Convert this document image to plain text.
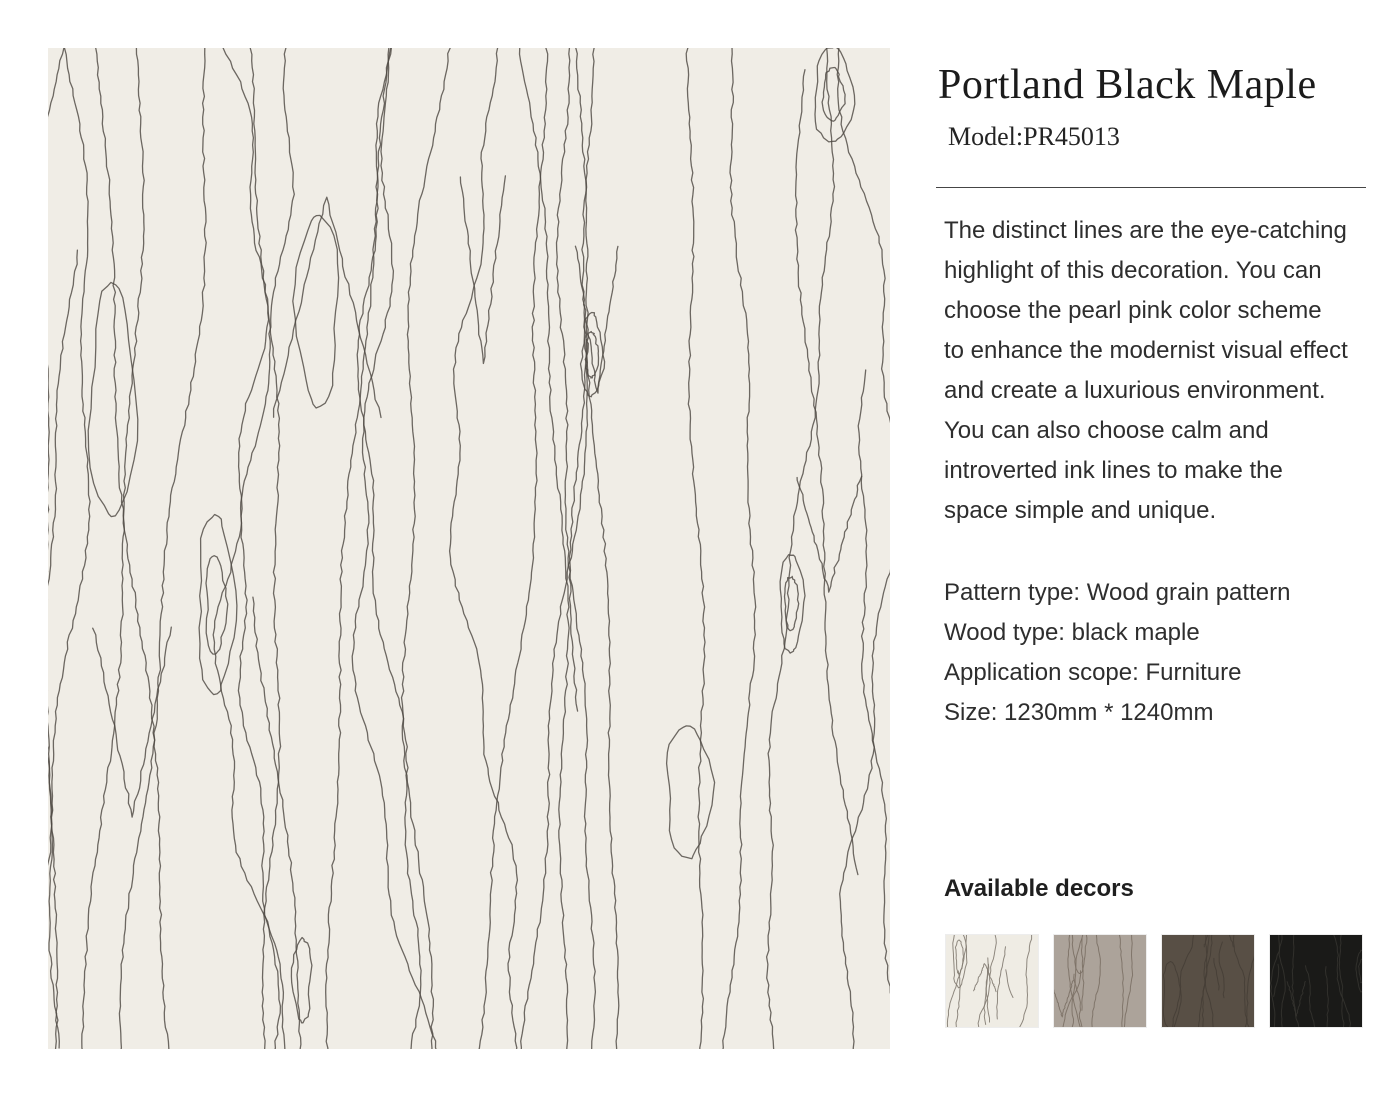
Portland Black Maple
Model:PR45013
The distinct lines are the eye-catching
highlight of this decoration. You can
choose the pearl pink color scheme
to enhance the modernist visual effect
and create a luxurious environment.
You can also choose calm and
introverted ink lines to make the
space simple and unique.
Pattern type: Wood grain pattern
Wood type: black maple
Application scope: Furniture
Size: 1230mm * 1240mm
Available decors
